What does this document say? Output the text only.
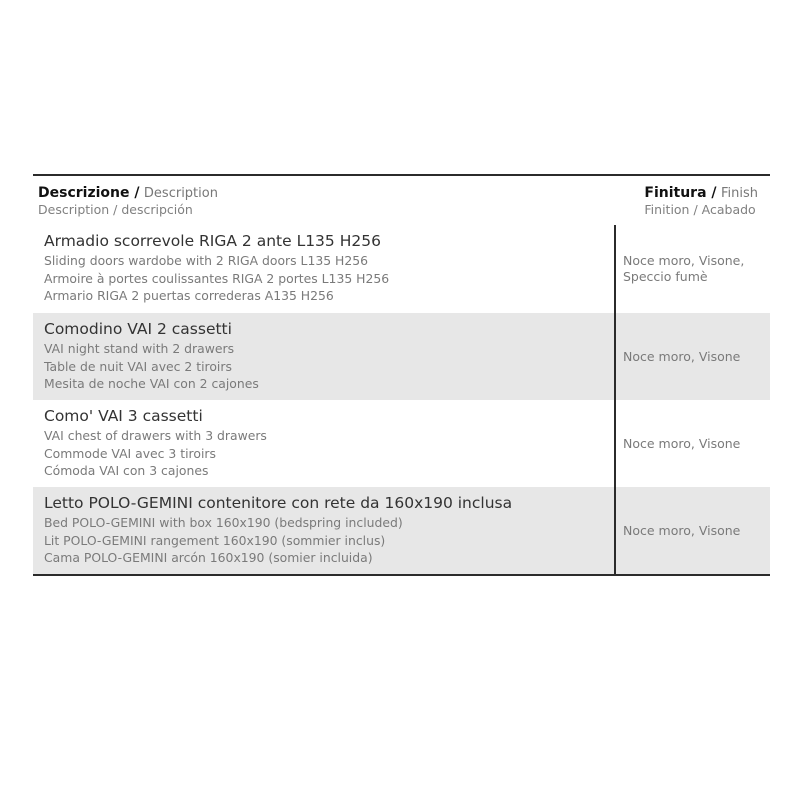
Descrizione / Description
Description / descripción
Finitura / Finish
Finition / Acabado
Armadio scorrevole RIGA 2 ante L135 H256
Sliding doors wardobe with 2 RIGA doors L135 H256
Armoire à portes coulissantes RIGA 2 portes L135 H256
Armario RIGA 2 puertas correderas A135 H256
Noce moro, Visone,
Speccio fumè
Comodino VAI 2 cassetti
VAI night stand with 2 drawers
Table de nuit VAI avec 2 tiroirs
Mesita de noche VAI con 2 cajones
Noce moro, Visone
Como' VAI 3 cassetti
VAI chest of drawers with 3 drawers
Commode VAI avec 3 tiroirs
Cómoda VAI con 3 cajones
Noce moro, Visone
Letto POLO-GEMINI contenitore con rete da 160x190 inclusa
Bed POLO-GEMINI with box 160x190 (bedspring included)
Lit POLO-GEMINI rangement 160x190 (sommier inclus)
Cama POLO-GEMINI arcón 160x190 (somier incluida)
Noce moro, Visone
